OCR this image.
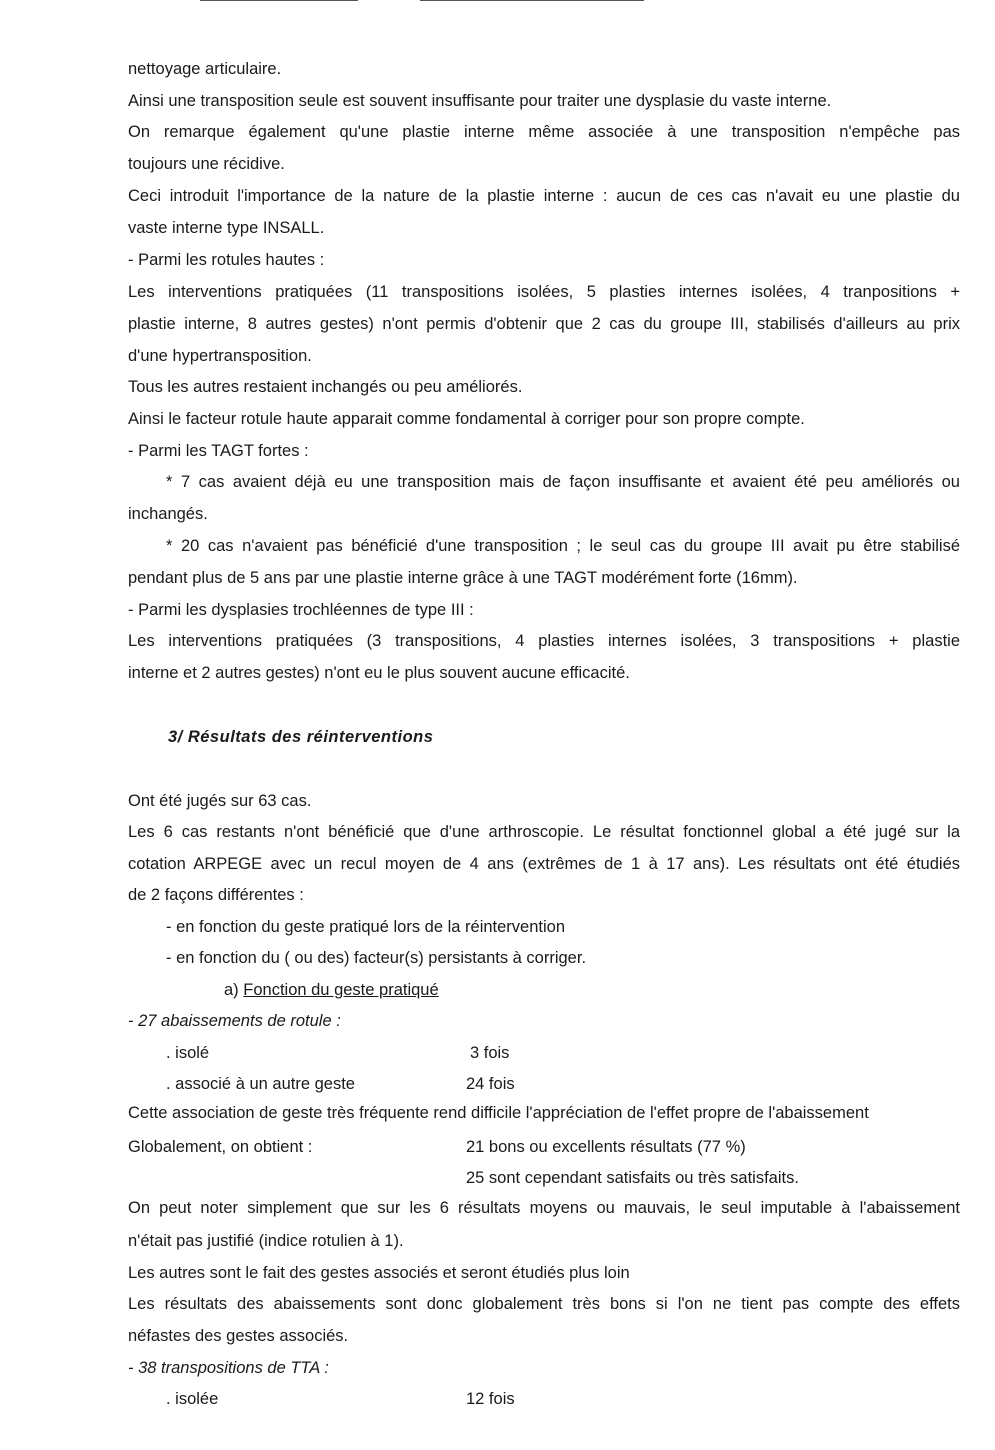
nettoyage articulaire.
Ainsi une transposition seule est souvent insuffisante pour traiter une dysplasie du vaste interne.
On remarque également qu'une plastie interne même associée à une transposition n'empêche pas
toujours une récidive.
Ceci introduit l'importance de la nature de la plastie interne : aucun de ces cas n'avait eu une plastie du
vaste interne type INSALL.
- Parmi les rotules hautes :
Les interventions pratiquées (11 transpositions isolées, 5 plasties internes isolées, 4 tranpositions +
plastie interne, 8 autres gestes) n'ont permis d'obtenir que 2 cas du groupe III, stabilisés d'ailleurs au prix
d'une hypertransposition.
Tous les autres restaient inchangés ou peu améliorés.
Ainsi le facteur rotule haute apparait comme fondamental à corriger pour son propre compte.
- Parmi les TAGT fortes :
* 7 cas avaient déjà eu une transposition mais de façon insuffisante et avaient été peu améliorés ou
inchangés.
* 20 cas n'avaient pas bénéficié d'une transposition ; le seul cas du groupe III avait pu être stabilisé
pendant plus de 5 ans par une plastie interne grâce à une TAGT modérément forte (16mm).
- Parmi les dysplasies trochléennes de type III :
Les interventions pratiquées (3 transpositions, 4 plasties internes isolées, 3 transpositions + plastie
interne et 2 autres gestes) n'ont eu le plus souvent aucune efficacité.
3/ Résultats des réinterventions
Ont été jugés sur 63 cas.
Les 6 cas restants n'ont bénéficié que d'une arthroscopie. Le résultat fonctionnel global a été jugé sur la
cotation ARPEGE avec un recul moyen de 4 ans (extrêmes de 1 à 17 ans). Les résultats ont été étudiés
de 2 façons différentes :
- en fonction du geste pratiqué lors de la réintervention
- en fonction du ( ou des) facteur(s) persistants à corriger.
a) Fonction du geste pratiqué
- 27 abaissements de rotule :
. isolé	3 fois
. associé à un autre geste	24 fois
Cette association de geste très fréquente rend difficile l'appréciation de l'effet propre de l'abaissement
Globalement, on obtient :	21 bons ou excellents résultats (77 %)
25 sont cependant satisfaits ou très satisfaits.
On peut noter simplement que sur les 6 résultats moyens ou mauvais, le seul imputable à l'abaissement
n'était pas justifié (indice rotulien à 1).
Les autres sont le fait des gestes associés et seront étudiés plus loin
Les résultats des abaissements sont donc globalement très bons si l'on ne tient pas compte des effets
néfastes des gestes associés.
- 38 transpositions de TTA :
. isolée	12 fois
